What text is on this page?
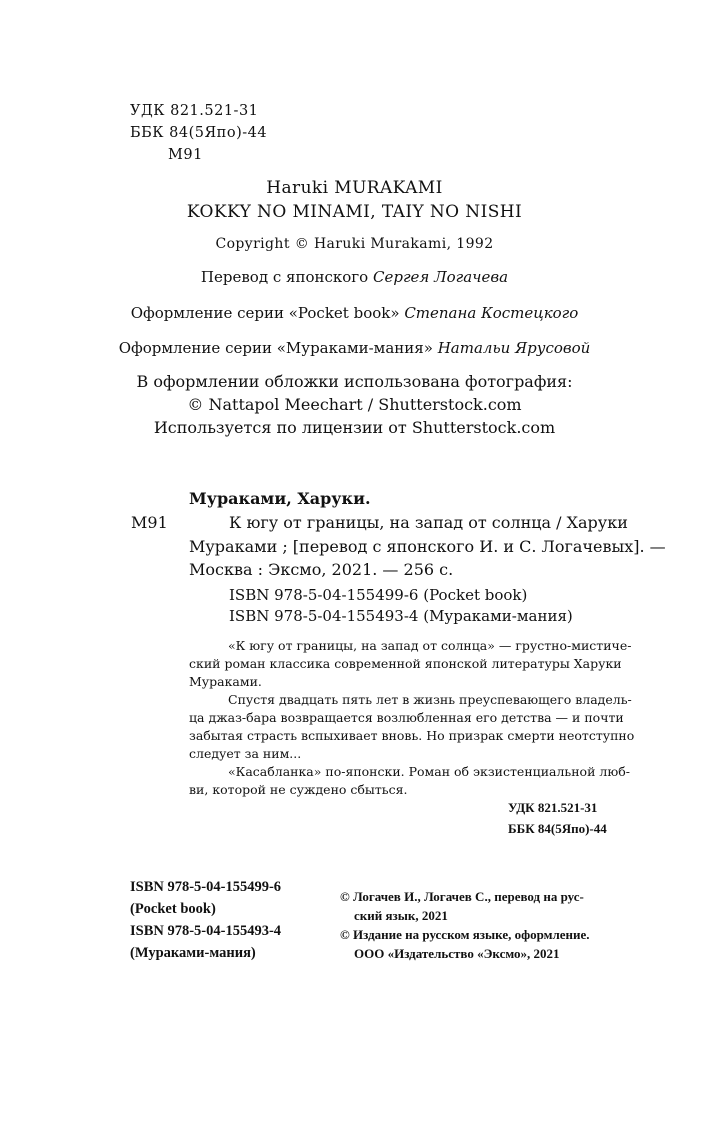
УДК 821.521-31
ББК 84(5Япо)-44
М91
Haruki MURAKAMI
KOKKY NO MINAMI, TAIY NO NISHI
Copyright © Haruki Murakami, 1992
Перевод с японского Сергея Логачева
Оформление серии «Pocket book» Степана Костецкого
Оформление серии «Мураками-мания» Натальи Ярусовой
В оформлении обложки использована фотография:
© Nattapol Meechart / Shutterstock.com
Используется по лицензии от Shutterstock.com
Мураками, Харуки.
М91	К югу от границы, на запад от солнца / Харуки
Мураками ; [перевод с японского И. и С. Логачевых]. —
Москва : Эксмо, 2021. — 256 с.
ISBN 978-5-04-155499-6 (Pocket book)
ISBN 978-5-04-155493-4 (Мураками-мания)
«К югу от границы, на запад от солнца» — грустно-мистиче-
ский роман классика современной японской литературы Харуки
Мураками.
Спустя двадцать пять лет в жизнь преуспевающего владель-
ца джаз-бара возвращается возлюбленная его детства — и почти
забытая страсть вспыхивает вновь. Но призрак смерти неотступно
следует за ним...
«Касабланка» по-японски. Роман об экзистенциальной люб-
ви, которой не суждено сбыться.
УДК 821.521-31
ББК 84(5Япо)-44
ISBN 978-5-04-155499-6
(Pocket book)
ISBN 978-5-04-155493-4
(Мураками-мания)
© Логачев И., Логачев С., перевод на рус-
ский язык, 2021
© Издание на русском языке, оформление.
ООО «Издательство «Эксмо», 2021
